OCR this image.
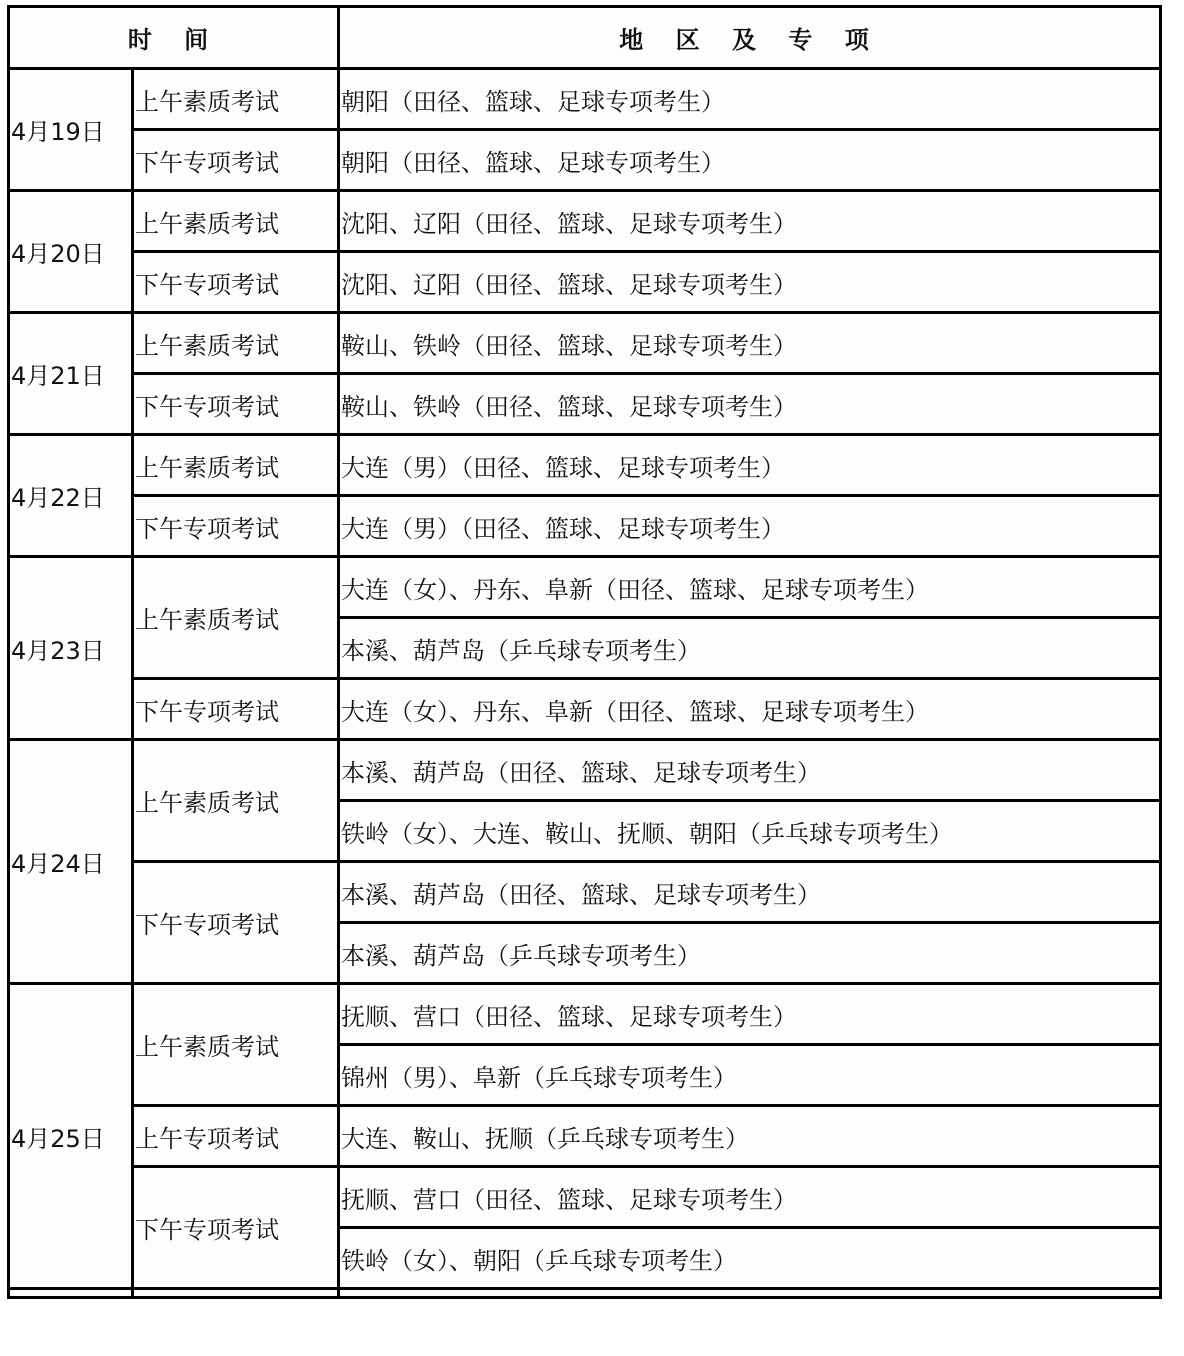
时 间		地 区 及 专 项
4月19日	上午素质考试	朝阳（田径、篮球、足球专项考生）
	下午专项考试	朝阳（田径、篮球、足球专项考生）
4月20日	上午素质考试	沈阳、辽阳（田径、篮球、足球专项考生）
	下午专项考试	沈阳、辽阳（田径、篮球、足球专项考生）
4月21日	上午素质考试	鞍山、铁岭（田径、篮球、足球专项考生）
	下午专项考试	鞍山、铁岭（田径、篮球、足球专项考生）
4月22日	上午素质考试	大连（男）（田径、篮球、足球专项考生）
	下午专项考试	大连（男）（田径、篮球、足球专项考生）
4月23日	上午素质考试	大连（女）、丹东、阜新（田径、篮球、足球专项考生）
		本溪、葫芦岛（乒乓球专项考生）
	下午专项考试	大连（女）、丹东、阜新（田径、篮球、足球专项考生）
4月24日	上午素质考试	本溪、葫芦岛（田径、篮球、足球专项考生）
		铁岭（女）、大连、鞍山、抚顺、朝阳（乒乓球专项考生）
	下午专项考试	本溪、葫芦岛（田径、篮球、足球专项考生）
		本溪、葫芦岛（乒乓球专项考生）
4月25日	上午素质考试	抚顺、营口（田径、篮球、足球专项考生）
		锦州（男）、阜新（乒乓球专项考生）
	上午专项考试	大连、鞍山、抚顺（乒乓球专项考生）
	下午专项考试	抚顺、营口（田径、篮球、足球专项考生）
		铁岭（女）、朝阳（乒乓球专项考生）
